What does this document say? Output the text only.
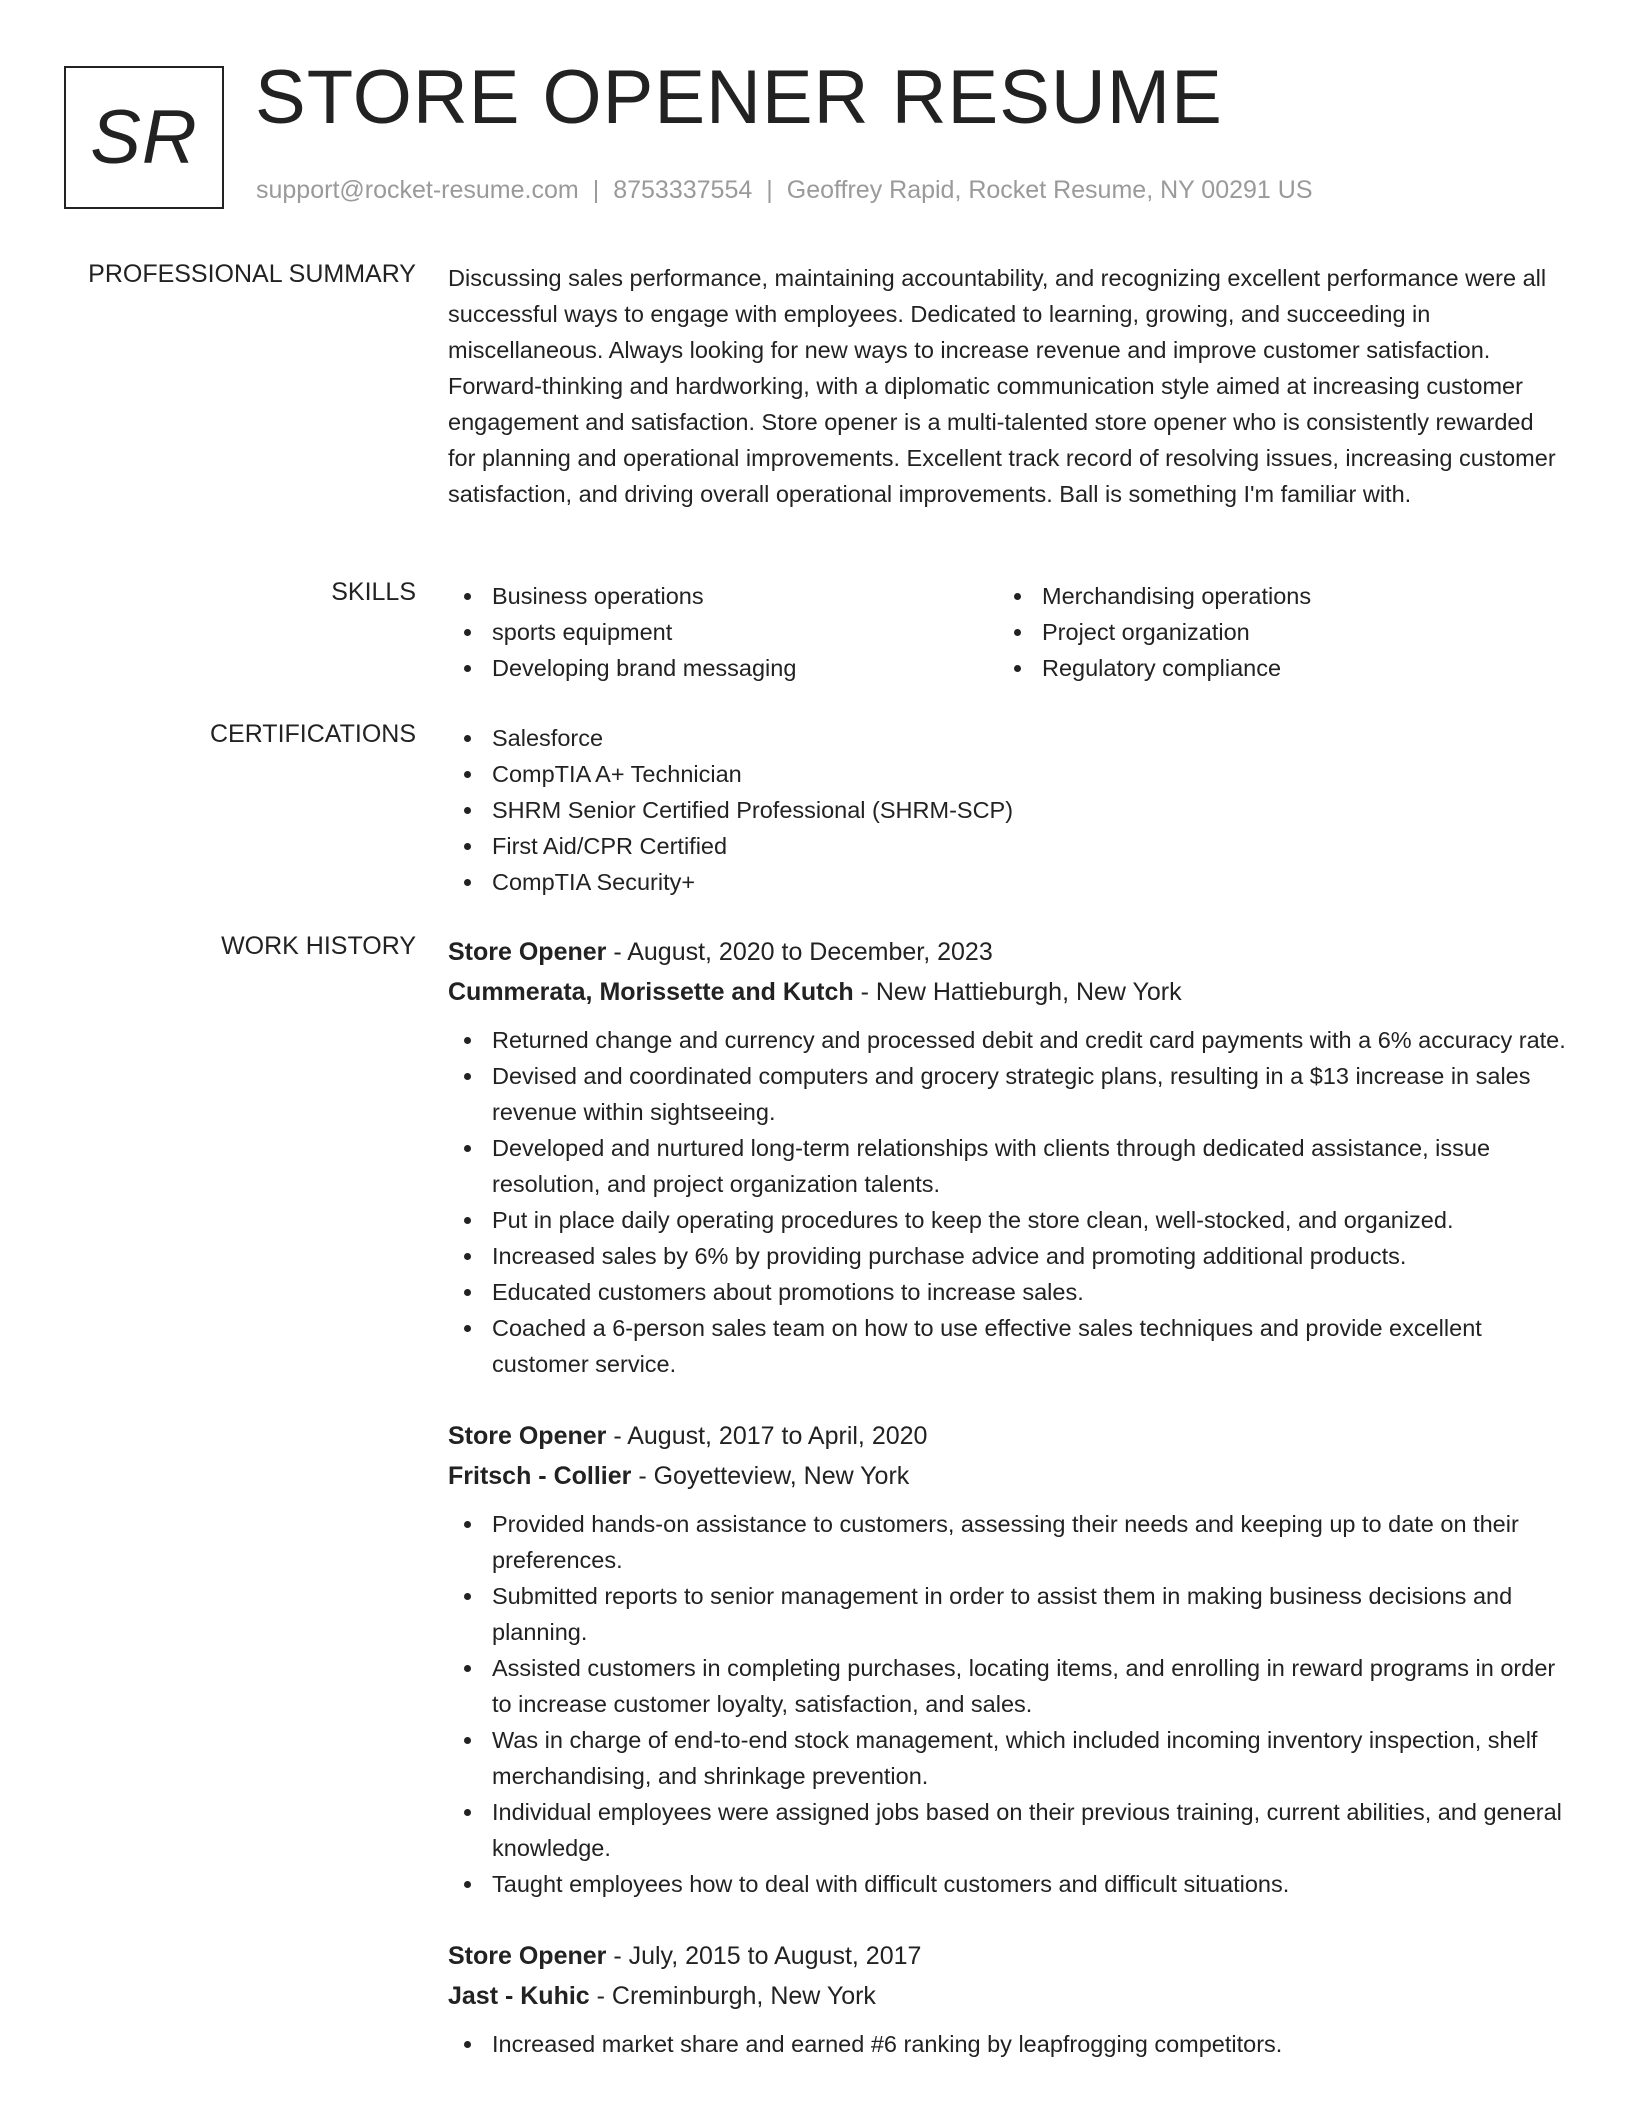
SR STORE OPENER RESUME
support@rocket-resume.com | 8753337554 | Geoffrey Rapid, Rocket Resume, NY 00291 US
PROFESSIONAL SUMMARY Discussing sales performance, maintaining accountability, and recognizing excellent performance were all successful ways to engage with employees. Dedicated to learning, growing, and succeeding in miscellaneous. Always looking for new ways to increase revenue and improve customer satisfaction. Forward-thinking and hardworking, with a diplomatic communication style aimed at increasing customer engagement and satisfaction. Store opener is a multi-talented store opener who is consistently rewarded for planning and operational improvements. Excellent track record of resolving issues, increasing customer satisfaction, and driving overall operational improvements. Ball is something I'm familiar with.
SKILLS	Business operations
sports equipment
Developing brand messaging
Merchandising operations
Project organization
Regulatory compliance
CERTIFICATIONS	Salesforce
CompTIA A+ Technician
SHRM Senior Certified Professional (SHRM-SCP)
First Aid/CPR Certified
CompTIA Security+
WORK HISTORY Store Opener - August, 2020 to December, 2023
Cummerata, Morissette and Kutch - New Hattieburgh, New York
Returned change and currency and processed debit and credit card payments with a 6% accuracy rate.
Devised and coordinated computers and grocery strategic plans, resulting in a $13 increase in sales revenue within sightseeing.
Developed and nurtured long-term relationships with clients through dedicated assistance, issue resolution, and project organization talents.
Put in place daily operating procedures to keep the store clean, well-stocked, and organized.
Increased sales by 6% by providing purchase advice and promoting additional products.
Educated customers about promotions to increase sales.
Coached a 6-person sales team on how to use effective sales techniques and provide excellent customer service.
Store Opener - August, 2017 to April, 2020
Fritsch - Collier - Goyetteview, New York
Provided hands-on assistance to customers, assessing their needs and keeping up to date on their preferences.
Submitted reports to senior management in order to assist them in making business decisions and planning.
Assisted customers in completing purchases, locating items, and enrolling in reward programs in order to increase customer loyalty, satisfaction, and sales.
Was in charge of end-to-end stock management, which included incoming inventory inspection, shelf merchandising, and shrinkage prevention.
Individual employees were assigned jobs based on their previous training, current abilities, and general knowledge.
Taught employees how to deal with difficult customers and difficult situations.
Store Opener - July, 2015 to August, 2017
Jast - Kuhic - Creminburgh, New York
Increased market share and earned #6 ranking by leapfrogging competitors.
